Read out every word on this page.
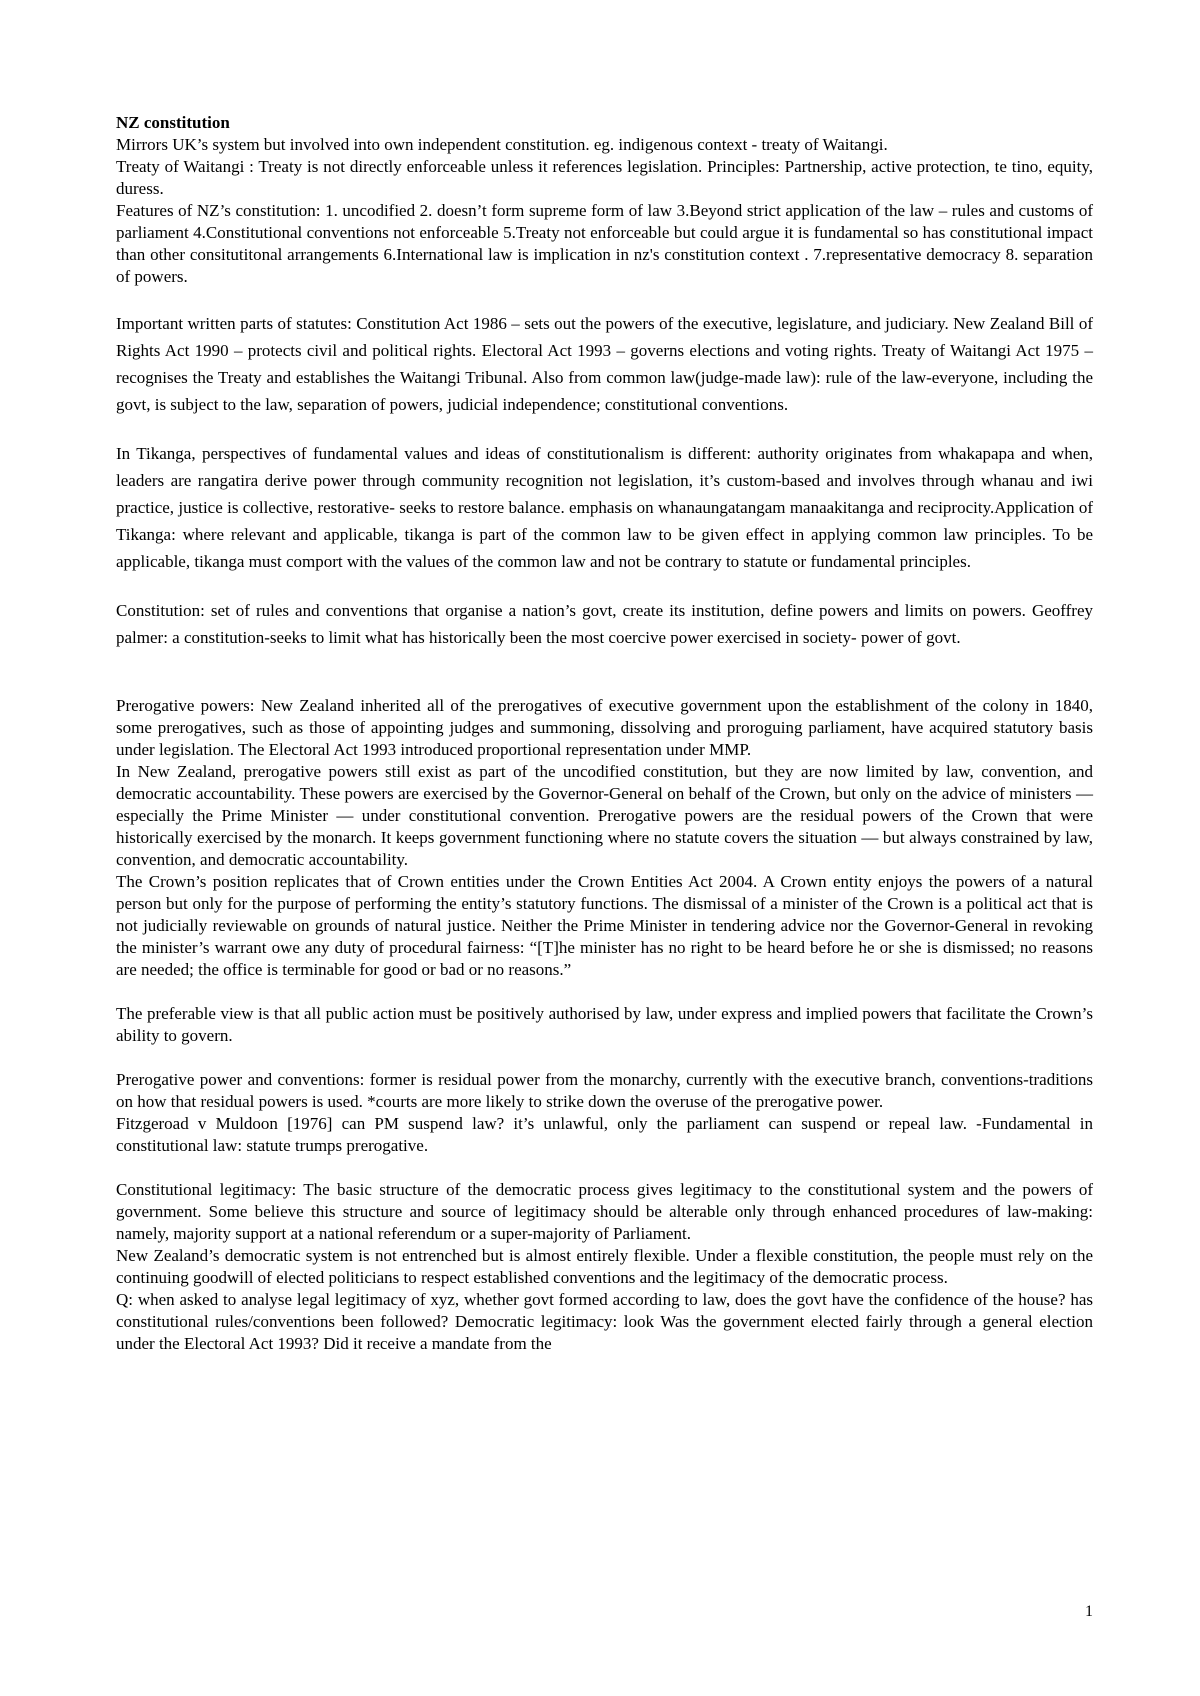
NZ constitution

Mirrors UK’s system but involved into own independent constitution. eg. indigenous context - treaty of Waitangi.

Treaty of Waitangi : Treaty is not directly enforceable unless it references legislation. Principles: Partnership, active protection, te tino, equity, duress.

Features of NZ’s constitution: 1. uncodified 2. doesn’t form supreme form of law 3.Beyond strict application of the law – rules and customs of parliament 4.Constitutional conventions not enforceable 5.Treaty not enforceable but could argue it is fundamental so has constitutional impact than other consitutitonal arrangements 6.International law is implication in nz's constitution context . 7.representative democracy 8. separation of powers.

Important written parts of statutes: Constitution Act 1986 – sets out the powers of the executive, legislature, and judiciary. New Zealand Bill of Rights Act 1990 – protects civil and political rights. Electoral Act 1993 – governs elections and voting rights. Treaty of Waitangi Act 1975 – recognises the Treaty and establishes the Waitangi Tribunal. Also from common law(judge-made law): rule of the law-everyone, including the govt, is subject to the law, separation of powers, judicial independence; constitutional conventions.

In Tikanga, perspectives of fundamental values and ideas of constitutionalism is different: authority originates from whakapapa and when, leaders are rangatira derive power through community recognition not legislation, it’s custom-based and involves through whanau and iwi practice, justice is collective, restorative- seeks to restore balance. emphasis on whanaungatangam manaakitanga and reciprocity.Application of Tikanga: where relevant and applicable, tikanga is part of the common law to be given effect in applying common law principles. To be applicable, tikanga must comport with the values of the common law and not be contrary to statute or fundamental principles.

Constitution: set of rules and conventions that organise a nation’s govt, create its institution, define powers and limits on powers. Geoffrey palmer: a constitution-seeks to limit what has historically been the most coercive power exercised in society- power of govt.

Prerogative powers: New Zealand inherited all of the prerogatives of executive government upon the establishment of the colony in 1840, some prerogatives, such as those of appointing judges and summoning, dissolving and proroguing parliament, have acquired statutory basis under legislation. The Electoral Act 1993 introduced proportional representation under MMP.

In New Zealand, prerogative powers still exist as part of the uncodified constitution, but they are now limited by law, convention, and democratic accountability. These powers are exercised by the Governor-General on behalf of the Crown, but only on the advice of ministers — especially the Prime Minister — under constitutional convention. Prerogative powers are the residual powers of the Crown that were historically exercised by the monarch. It keeps government functioning where no statute covers the situation — but always constrained by law, convention, and democratic accountability.

The Crown’s position replicates that of Crown entities under the Crown Entities Act 2004. A Crown entity enjoys the powers of a natural person but only for the purpose of performing the entity’s statutory functions. The dismissal of a minister of the Crown is a political act that is not judicially reviewable on grounds of natural justice. Neither the Prime Minister in tendering advice nor the Governor-General in revoking the minister’s warrant owe any duty of procedural fairness: “[T]he minister has no right to be heard before he or she is dismissed; no reasons are needed; the office is terminable for good or bad or no reasons.”

The preferable view is that all public action must be positively authorised by law, under express and implied powers that facilitate the Crown’s ability to govern.

Prerogative power and conventions: former is residual power from the monarchy, currently with the executive branch, conventions-traditions on how that residual powers is used. *courts are more likely to strike down the overuse of the prerogative power.

Fitzgeroad v Muldoon [1976] can PM suspend law? it’s unlawful, only the parliament can suspend or repeal law. -Fundamental in constitutional law: statute trumps prerogative.

Constitutional legitimacy: The basic structure of the democratic process gives legitimacy to the constitutional system and the powers of government. Some believe this structure and source of legitimacy should be alterable only through enhanced procedures of law-making: namely, majority support at a national referendum or a super-majority of Parliament.

New Zealand’s democratic system is not entrenched but is almost entirely flexible. Under a flexible constitution, the people must rely on the continuing goodwill of elected politicians to respect established conventions and the legitimacy of the democratic process.

Q: when asked to analyse legal legitimacy of xyz, whether govt formed according to law, does the govt have the confidence of the house? has constitutional rules/conventions been followed? Democratic legitimacy: look Was the government elected fairly through a general election under the Electoral Act 1993? Did it receive a mandate from the

1
